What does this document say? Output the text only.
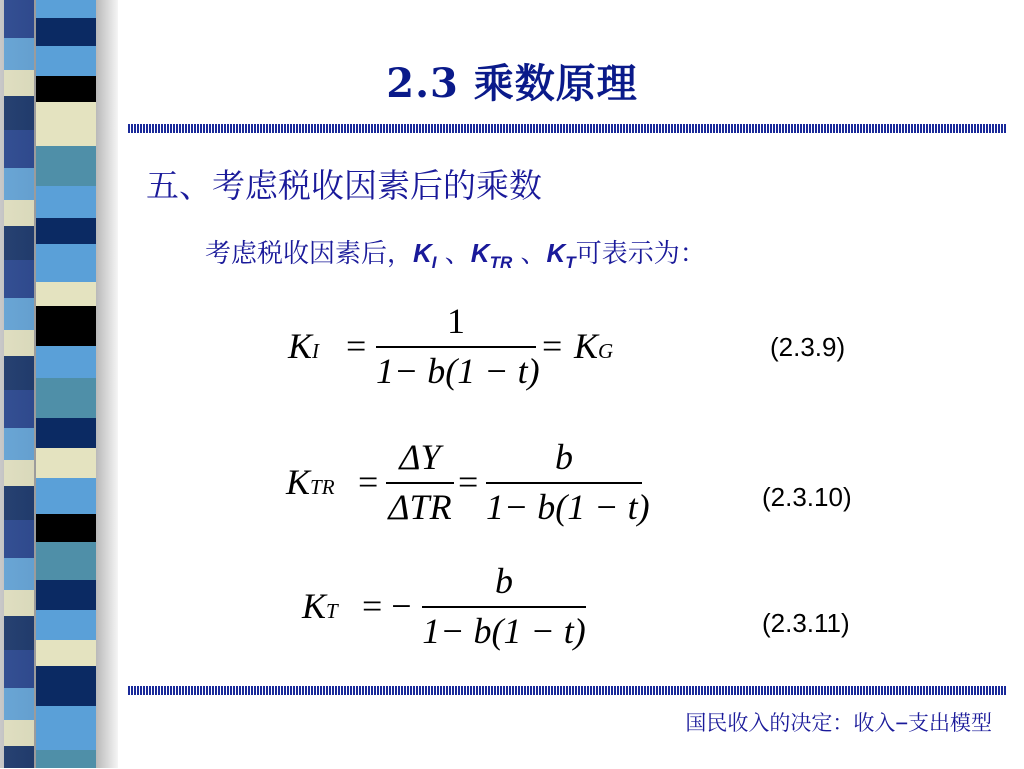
2.3 乘数原理
五、考虑税收因素后的乘数
考虑税收因素后，$K_I$ 、$K_{TR}$ 、$K_T$可表示为：
KI =
1
1− b(1 − t)
= KG	(2.3.9)
KTR =
ΔY
ΔTR
=
b
1− b(1 − t)	(2.3.10)
KT = −
b
1− b(1 − t)	(2.3.11)
国民收入的决定：收入−支出模型
